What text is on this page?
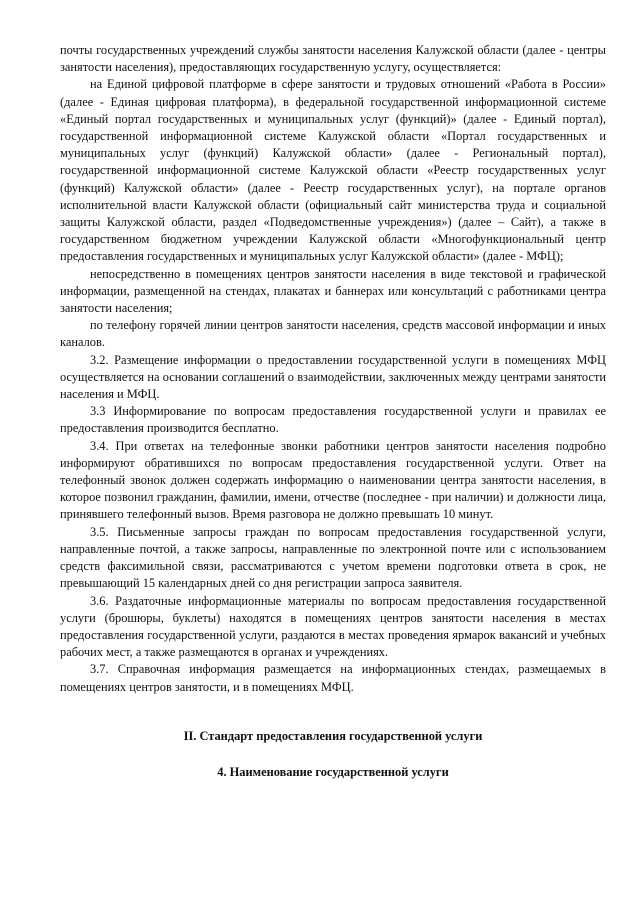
почты государственных учреждений службы занятости населения Калужской области (далее - центры занятости населения), предоставляющих государственную услугу, осуществляется:

на Единой цифровой платформе в сфере занятости и трудовых отношений «Работа в России» (далее - Единая цифровая платформа), в федеральной государственной информационной системе «Единый портал государственных и муниципальных услуг (функций)» (далее - Единый портал), государственной информационной системе Калужской области «Портал государственных и муниципальных услуг (функций) Калужской области» (далее - Региональный портал), государственной информационной системе Калужской области «Реестр государственных услуг (функций) Калужской области» (далее - Реестр государственных услуг), на портале органов исполнительной власти Калужской области (официальный сайт министерства труда и социальной защиты Калужской области, раздел «Подведомственные учреждения») (далее – Сайт), а также в государственном бюджетном учреждении Калужской области «Многофункциональный центр предоставления государственных и муниципальных услуг Калужской области» (далее - МФЦ);

непосредственно в помещениях центров занятости населения в виде текстовой и графической информации, размещенной на стендах, плакатах и баннерах или консультаций с работниками центра занятости населения;

по телефону горячей линии центров занятости населения, средств массовой информации и иных каналов.

3.2. Размещение информации о предоставлении государственной услуги в помещениях МФЦ осуществляется на основании соглашений о взаимодействии, заключенных между центрами занятости населения и МФЦ.

3.3 Информирование по вопросам предоставления государственной услуги и правилах ее предоставления производится бесплатно.

3.4. При ответах на телефонные звонки работники центров занятости населения подробно информируют обратившихся по вопросам предоставления государственной услуги. Ответ на телефонный звонок должен содержать информацию о наименовании центра занятости населения, в которое позвонил гражданин, фамилии, имени, отчестве (последнее - при наличии) и должности лица, принявшего телефонный вызов. Время разговора не должно превышать 10 минут.

3.5. Письменные запросы граждан по вопросам предоставления государственной услуги, направленные почтой, а также запросы, направленные по электронной почте или с использованием средств факсимильной связи, рассматриваются с учетом времени подготовки ответа в срок, не превышающий 15 календарных дней со дня регистрации запроса заявителя.

3.6. Раздаточные информационные материалы по вопросам предоставления государственной услуги (брошюры, буклеты) находятся в помещениях центров занятости населения в местах предоставления государственной услуги, раздаются в местах проведения ярмарок вакансий и учебных рабочих мест, а также размещаются в органах и учреждениях.

3.7. Справочная информация размещается на информационных стендах, размещаемых в помещениях центров занятости, и в помещениях МФЦ.

II. Стандарт предоставления государственной услуги

4. Наименование государственной услуги
